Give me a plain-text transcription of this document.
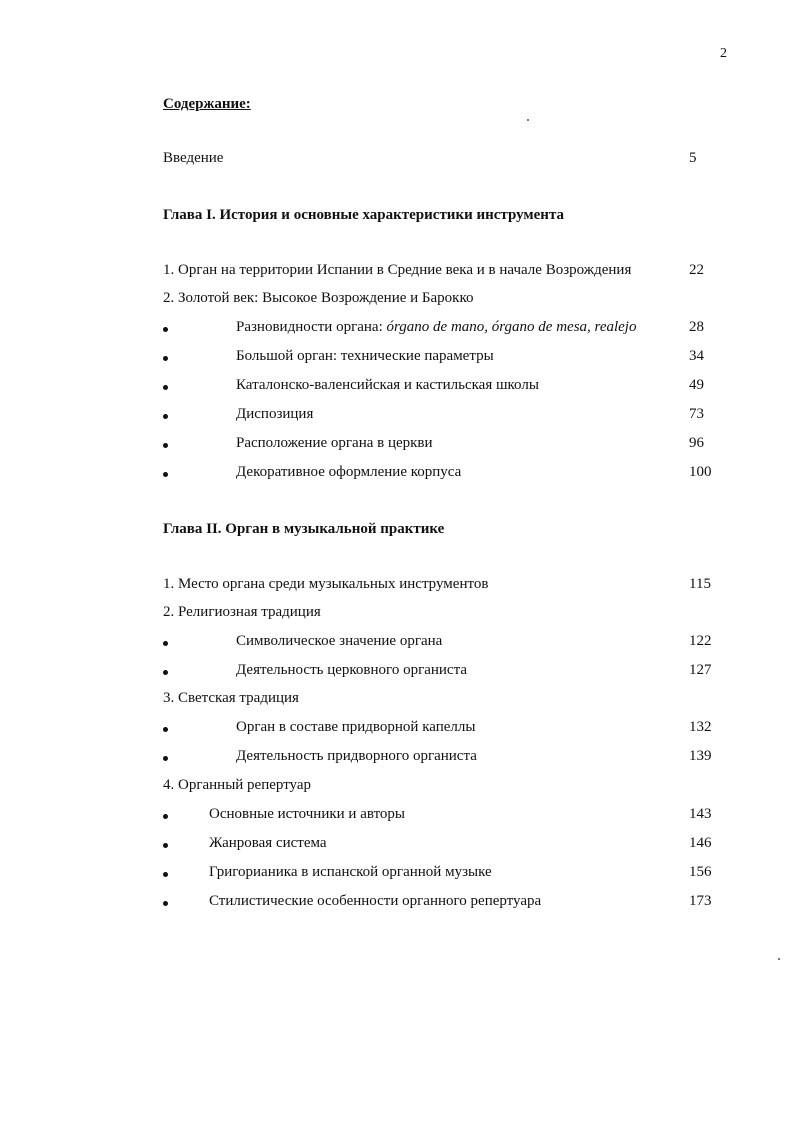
2
Содержание:
Введение	5
Глава I. История и основные характеристики инструмента
1. Орган на территории Испании в Средние века и в начале Возрождения	22
2. Золотой век: Высокое Возрождение и Барокко
Разновидности органа: órgano de mano, órgano de mesa, realejo	28
Большой орган: технические параметры	34
Каталонско-валенсийская и кастильская школы	49
Диспозиция	73
Расположение органа в церкви	96
Декоративное оформление корпуса	100
Глава II. Орган в музыкальной практике
1. Место органа среди музыкальных инструментов	115
2. Религиозная традиция
Символическое значение органа	122
Деятельность церковного органиста	127
3. Светская традиция
Орган в составе придворной капеллы	132
Деятельность придворного органиста	139
4. Органный репертуар
Основные источники и авторы	143
Жанровая система	146
Григорианика в испанской органной музыке	156
Стилистические особенности органного репертуара	173
